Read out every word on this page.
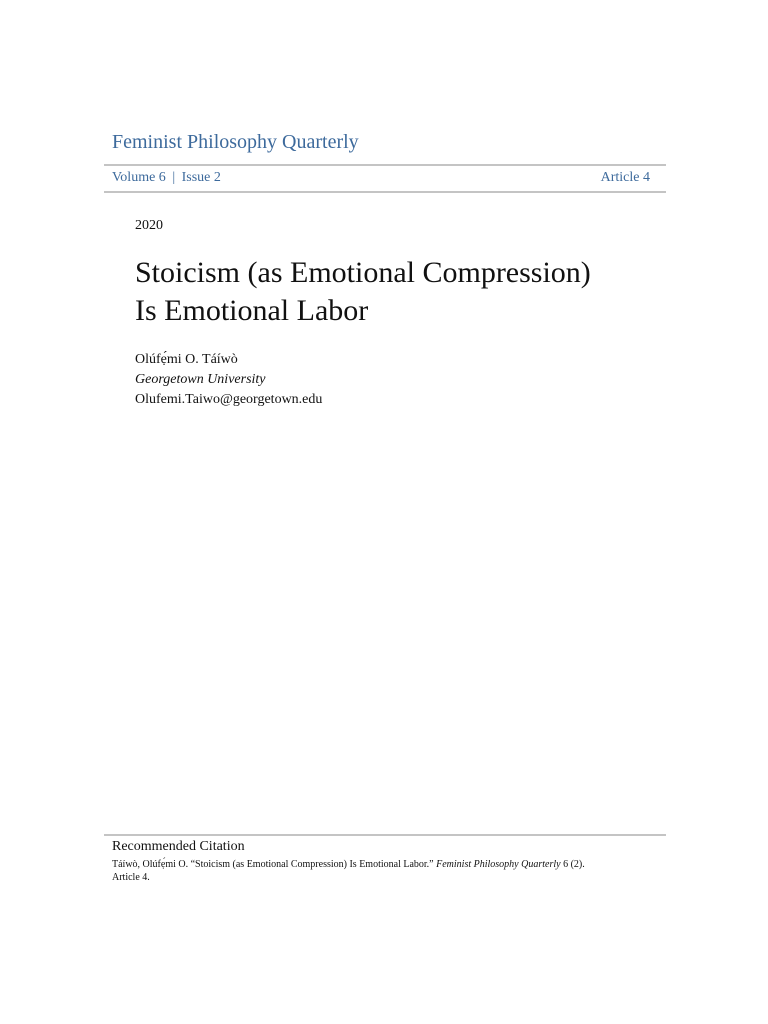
Feminist Philosophy Quarterly
Volume 6 | Issue 2	Article 4
2020
Stoicism (as Emotional Compression)
Is Emotional Labor
Olúfẹ́mi O. Táíwò
Georgetown University
Olufemi.Taiwo@georgetown.edu
Recommended Citation
Táíwò, Olúfẹ́mi O. “Stoicism (as Emotional Compression) Is Emotional Labor.” Feminist Philosophy Quarterly 6 (2).
Article 4.
